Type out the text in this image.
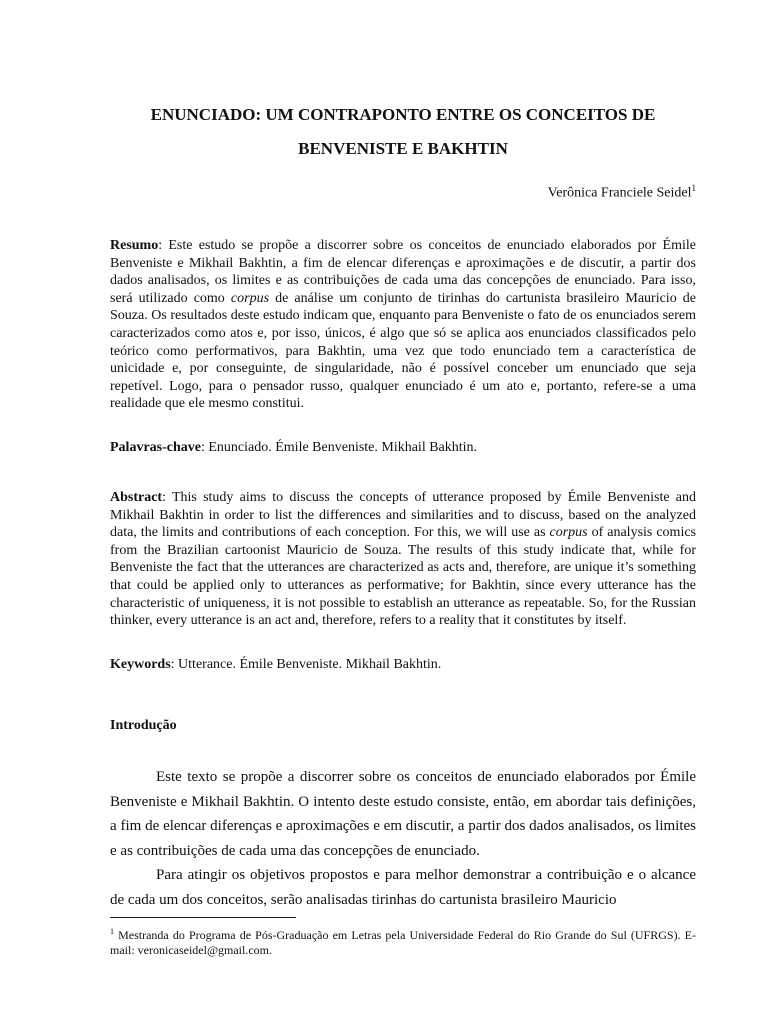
ENUNCIADO: UM CONTRAPONTO ENTRE OS CONCEITOS DE
BENVENISTE E BAKHTIN
Verônica Franciele Seidel$^1$
Resumo: Este estudo se propõe a discorrer sobre os conceitos de enunciado elaborados por Émile Benveniste e Mikhail Bakhtin, a fim de elencar diferenças e aproximações e de discutir, a partir dos dados analisados, os limites e as contribuições de cada uma das concepções de enunciado. Para isso, será utilizado como corpus de análise um conjunto de tirinhas do cartunista brasileiro Mauricio de Souza. Os resultados deste estudo indicam que, enquanto para Benveniste o fato de os enunciados serem caracterizados como atos e, por isso, únicos, é algo que só se aplica aos enunciados classificados pelo teórico como performativos, para Bakhtin, uma vez que todo enunciado tem a característica de unicidade e, por conseguinte, de singularidade, não é possível conceber um enunciado que seja repetível. Logo, para o pensador russo, qualquer enunciado é um ato e, portanto, refere-se a uma realidade que ele mesmo constitui.
Palavras-chave: Enunciado. Émile Benveniste. Mikhail Bakhtin.
Abstract: This study aims to discuss the concepts of utterance proposed by Émile Benveniste and Mikhail Bakhtin in order to list the differences and similarities and to discuss, based on the analyzed data, the limits and contributions of each conception. For this, we will use as corpus of analysis comics from the Brazilian cartoonist Mauricio de Souza. The results of this study indicate that, while for Benveniste the fact that the utterances are characterized as acts and, therefore, are unique it’s something that could be applied only to utterances as performative; for Bakhtin, since every utterance has the characteristic of uniqueness, it is not possible to establish an utterance as repeatable. So, for the Russian thinker, every utterance is an act and, therefore, refers to a reality that it constitutes by itself.
Keywords: Utterance. Émile Benveniste. Mikhail Bakhtin.
Introdução

Este texto se propõe a discorrer sobre os conceitos de enunciado elaborados por Émile Benveniste e Mikhail Bakhtin. O intento deste estudo consiste, então, em abordar tais definições, a fim de elencar diferenças e aproximações e em discutir, a partir dos dados analisados, os limites e as contribuições de cada uma das concepções de enunciado.

Para atingir os objetivos propostos e para melhor demonstrar a contribuição e o alcance de cada um dos conceitos, serão analisadas tirinhas do cartunista brasileiro Mauricio

$^1$ Mestranda do Programa de Pós-Graduação em Letras pela Universidade Federal do Rio Grande do Sul (UFRGS). E-mail: veronicaseidel@gmail.com.
